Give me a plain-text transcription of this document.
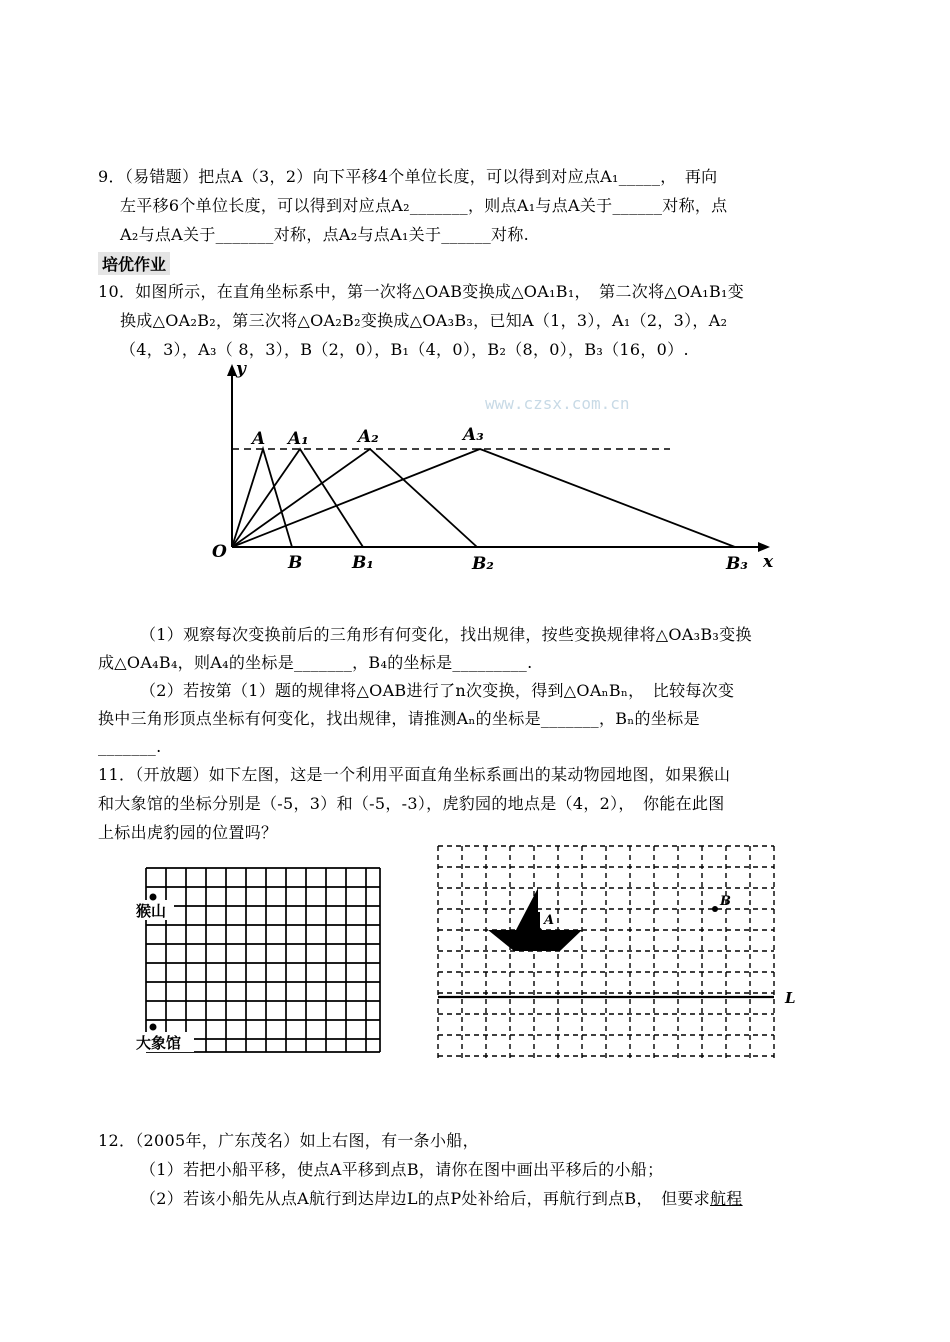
9．（易错题）把点A（3，2）向下平移4个单位长度，可以得到对应点A₁_____，　再向
左平移6个单位长度，可以得到对应点A₂_______，则点A₁与点A关于______对称，点
A₂与点A关于_______对称，点A₂与点A₁关于______对称.
培优作业
10．如图所示，在直角坐标系中，第一次将△OAB变换成△OA₁B₁，　第二次将△OA₁B₁变
换成△OA₂B₂，第三次将△OA₂B₂变换成△OA₃B₃，已知A（1，3），A₁（2，3），A₂
（4，3），A₃（ 8，3），B（2，0），B₁（4，0），B₂（8，0），B₃（16，0）.
www.czsx.com.cn
y
O	x
A A₁	A₂	A₃
B	B₁	B₂	B₃
（1）观察每次变换前后的三角形有何变化，找出规律，按些变换规律将△OA₃B₃变换
成△OA₄B₄，则A₄的坐标是_______，B₄的坐标是_________.
（2）若按第（1）题的规律将△OAB进行了n次变换，得到△OAₙBₙ，　比较每次变
换中三角形顶点坐标有何变化，找出规律，请推测Aₙ的坐标是_______，Bₙ的坐标是
_______.
11．（开放题）如下左图，这是一个利用平面直角坐标系画出的某动物园地图，如果猴山
和大象馆的坐标分别是（-5，3）和（-5，-3），虎豹园的地点是（4，2），　你能在此图
上标出虎豹园的位置吗？
猴山
大象馆
A
B
L
12．（2005年，广东茂名）如上右图，有一条小船，
（1）若把小船平移，使点A平移到点B，请你在图中画出平移后的小船；
（2）若该小船先从点A航行到达岸边L的点P处补给后，再航行到点B，　但要求航程
